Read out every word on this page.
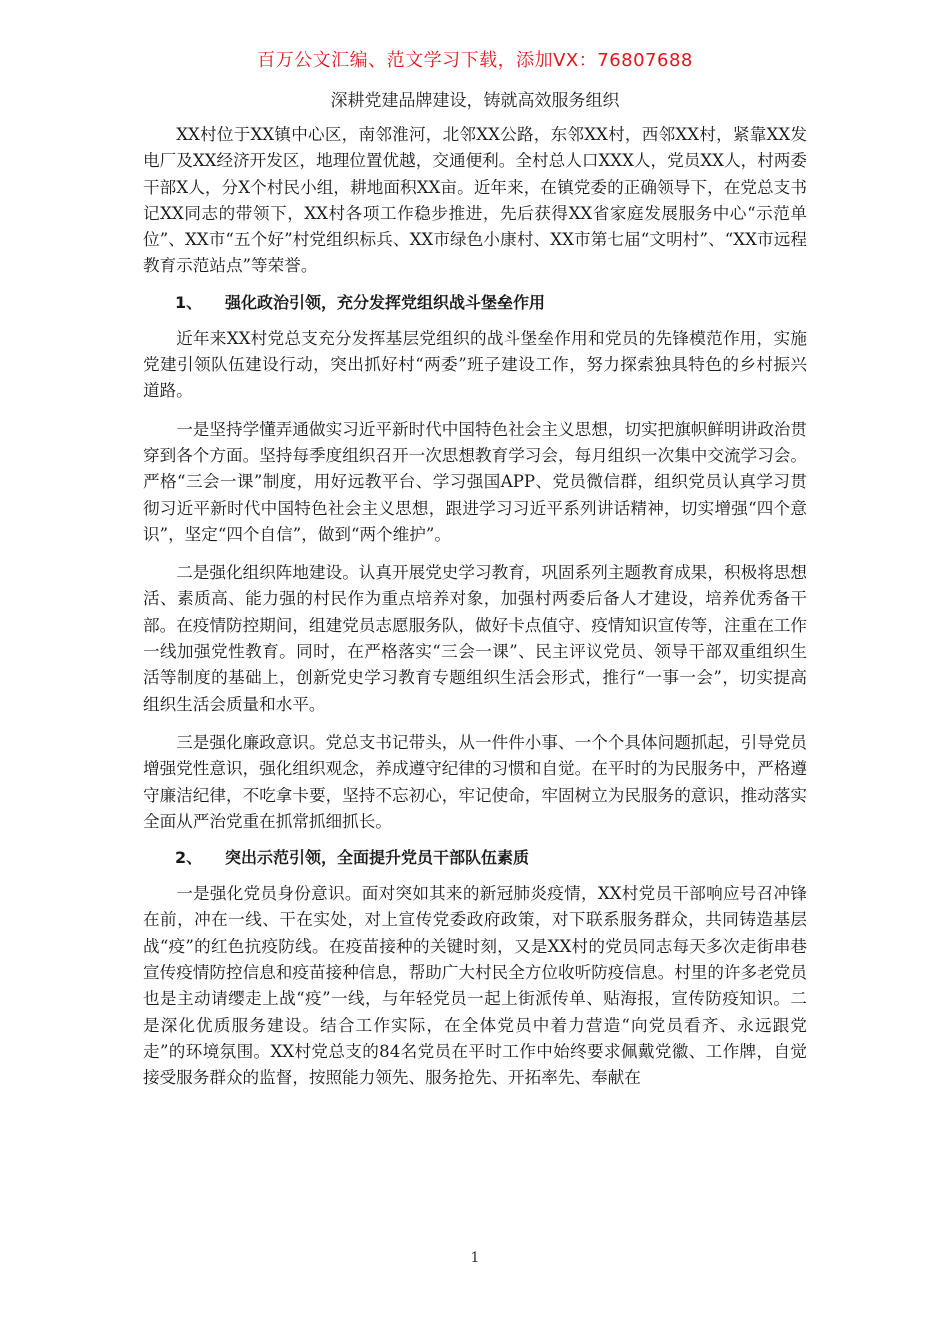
百万公文汇编、范文学习下载，添加VX：76807688
深耕党建品牌建设，铸就高效服务组织

XX村位于XX镇中心区，南邻淮河，北邻XX公路，东邻XX村，西邻XX村，紧靠XX发电厂及XX经济开发区，地理位置优越，交通便利。全村总人口XXX人，党员XX人，村两委干部X人，分X个村民小组，耕地面积XX亩。近年来，在镇党委的正确领导下，在党总支书记XX同志的带领下，XX村各项工作稳步推进，先后获得XX省家庭发展服务中心“示范单位”、XX市“五个好”村党组织标兵、XX市绿色小康村、XX市第七届“文明村”、“XX市远程教育示范站点”等荣誉。

1、 强化政治引领，充分发挥党组织战斗堡垒作用

近年来XX村党总支充分发挥基层党组织的战斗堡垒作用和党员的先锋模范作用，实施党建引领队伍建设行动，突出抓好村“两委”班子建设工作，努力探索独具特色的乡村振兴道路。

一是坚持学懂弄通做实习近平新时代中国特色社会主义思想，切实把旗帜鲜明讲政治贯穿到各个方面。坚持每季度组织召开一次思想教育学习会，每月组织一次集中交流学习会。严格“三会一课”制度，用好远教平台、学习强国APP、党员微信群，组织党员认真学习贯彻习近平新时代中国特色社会主义思想，跟进学习习近平系列讲话精神，切实增强“四个意识”，坚定“四个自信”，做到“两个维护”。

二是强化组织阵地建设。认真开展党史学习教育，巩固系列主题教育成果，积极将思想活、素质高、能力强的村民作为重点培养对象，加强村两委后备人才建设，培养优秀备干部。在疫情防控期间，组建党员志愿服务队，做好卡点值守、疫情知识宣传等，注重在工作一线加强党性教育。同时，在严格落实“三会一课”、民主评议党员、领导干部双重组织生活等制度的基础上，创新党史学习教育专题组织生活会形式，推行“一事一会”，切实提高组织生活会质量和水平。

三是强化廉政意识。党总支书记带头，从一件件小事、一个个具体问题抓起，引导党员增强党性意识，强化组织观念，养成遵守纪律的习惯和自觉。在平时的为民服务中，严格遵守廉洁纪律，不吃拿卡要，坚持不忘初心，牢记使命，牢固树立为民服务的意识，推动落实全面从严治党重在抓常抓细抓长。

2、 突出示范引领，全面提升党员干部队伍素质

一是强化党员身份意识。面对突如其来的新冠肺炎疫情，XX村党员干部响应号召冲锋在前，冲在一线、干在实处，对上宣传党委政府政策，对下联系服务群众，共同铸造基层战“疫”的红色抗疫防线。在疫苗接种的关键时刻，又是XX村的党员同志每天多次走街串巷宣传疫情防控信息和疫苗接种信息，帮助广大村民全方位收听防疫信息。村里的许多老党员也是主动请缨走上战“疫”一线，与年轻党员一起上街派传单、贴海报，宣传防疫知识。二是深化优质服务建设。结合工作实际，在全体党员中着力营造“向党员看齐、永远跟党走”的环境氛围。XX村党总支的84名党员在平时工作中始终要求佩戴党徽、工作牌，自觉接受服务群众的监督，按照能力领先、服务抢先、开拓率先、奉献在

1
